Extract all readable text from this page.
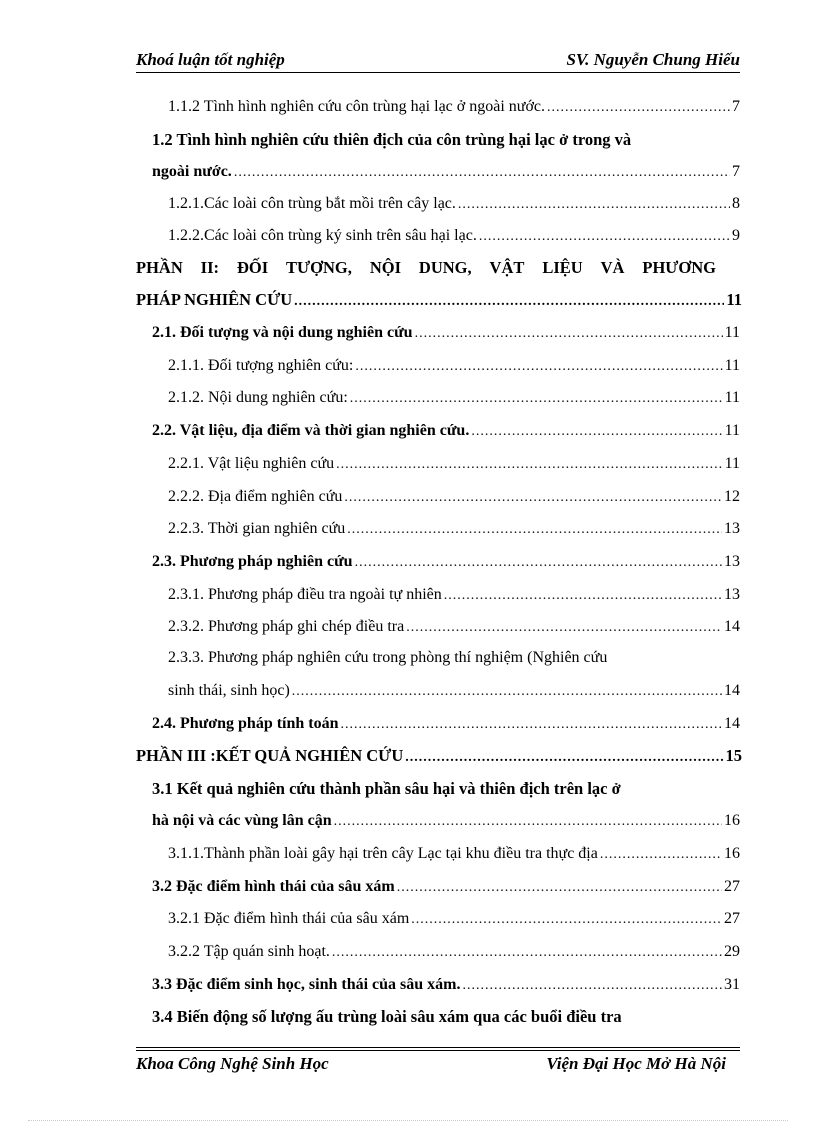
Khoá luận tốt nghiệp	SV. Nguyễn Chung Hiếu
1.1.2 Tình hình nghiên cứu côn trùng hại lạc ở ngoài nước. .....	7
1.2 Tình hình nghiên cứu thiên địch của côn trùng hại lạc ở trong và
ngoài nước. .....	7
1.2.1.Các loài côn trùng bắt mồi trên cây lạc. .....	8
1.2.2.Các loài côn trùng ký sinh trên sâu hại lạc. .....	9
PHẦN II: ĐỐI TƯỢNG, NỘI DUNG, VẬT LIỆU VÀ PHƯƠNG
PHÁP NGHIÊN CỨU .....	11
2.1. Đối tượng và nội dung nghiên cứu .....	11
2.1.1. Đối tượng nghiên cứu: .....	11
2.1.2. Nội dung nghiên cứu: .....	11
2.2. Vật liệu, địa điểm và thời gian nghiên cứu. .....	11
2.2.1. Vật liệu nghiên cứu .....	11
2.2.2. Địa điểm nghiên cứu .....	12
2.2.3. Thời gian nghiên cứu .....	13
2.3. Phương pháp nghiên cứu .....	13
2.3.1. Phương pháp điều tra ngoài tự nhiên .....	13
2.3.2. Phương pháp ghi chép điều tra .....	14
2.3.3. Phương pháp nghiên cứu trong phòng thí nghiệm (Nghiên cứu
sinh thái, sinh học) .....	14
2.4. Phương pháp tính toán .....	14
PHẦN III :KẾT QUẢ NGHIÊN CỨU .....	15
3.1 Kết quả nghiên cứu thành phần sâu hại và thiên địch trên lạc ở
hà nội và các vùng lân cận .....	16
3.1.1.Thành phần loài gây hại trên cây Lạc tại khu điều tra thực địa .....	16
3.2 Đặc điểm hình thái của sâu xám .....	27
3.2.1 Đặc điểm hình thái của sâu xám .....	27
3.2.2 Tập quán sinh hoạt. .....	29
3.3 Đặc điểm sinh học, sinh thái của sâu xám. .....	31
3.4 Biến động số lượng ấu trùng loài sâu xám qua các buổi điều tra
Khoa Công Nghệ Sinh Học	Viện Đại Học Mở Hà Nội
